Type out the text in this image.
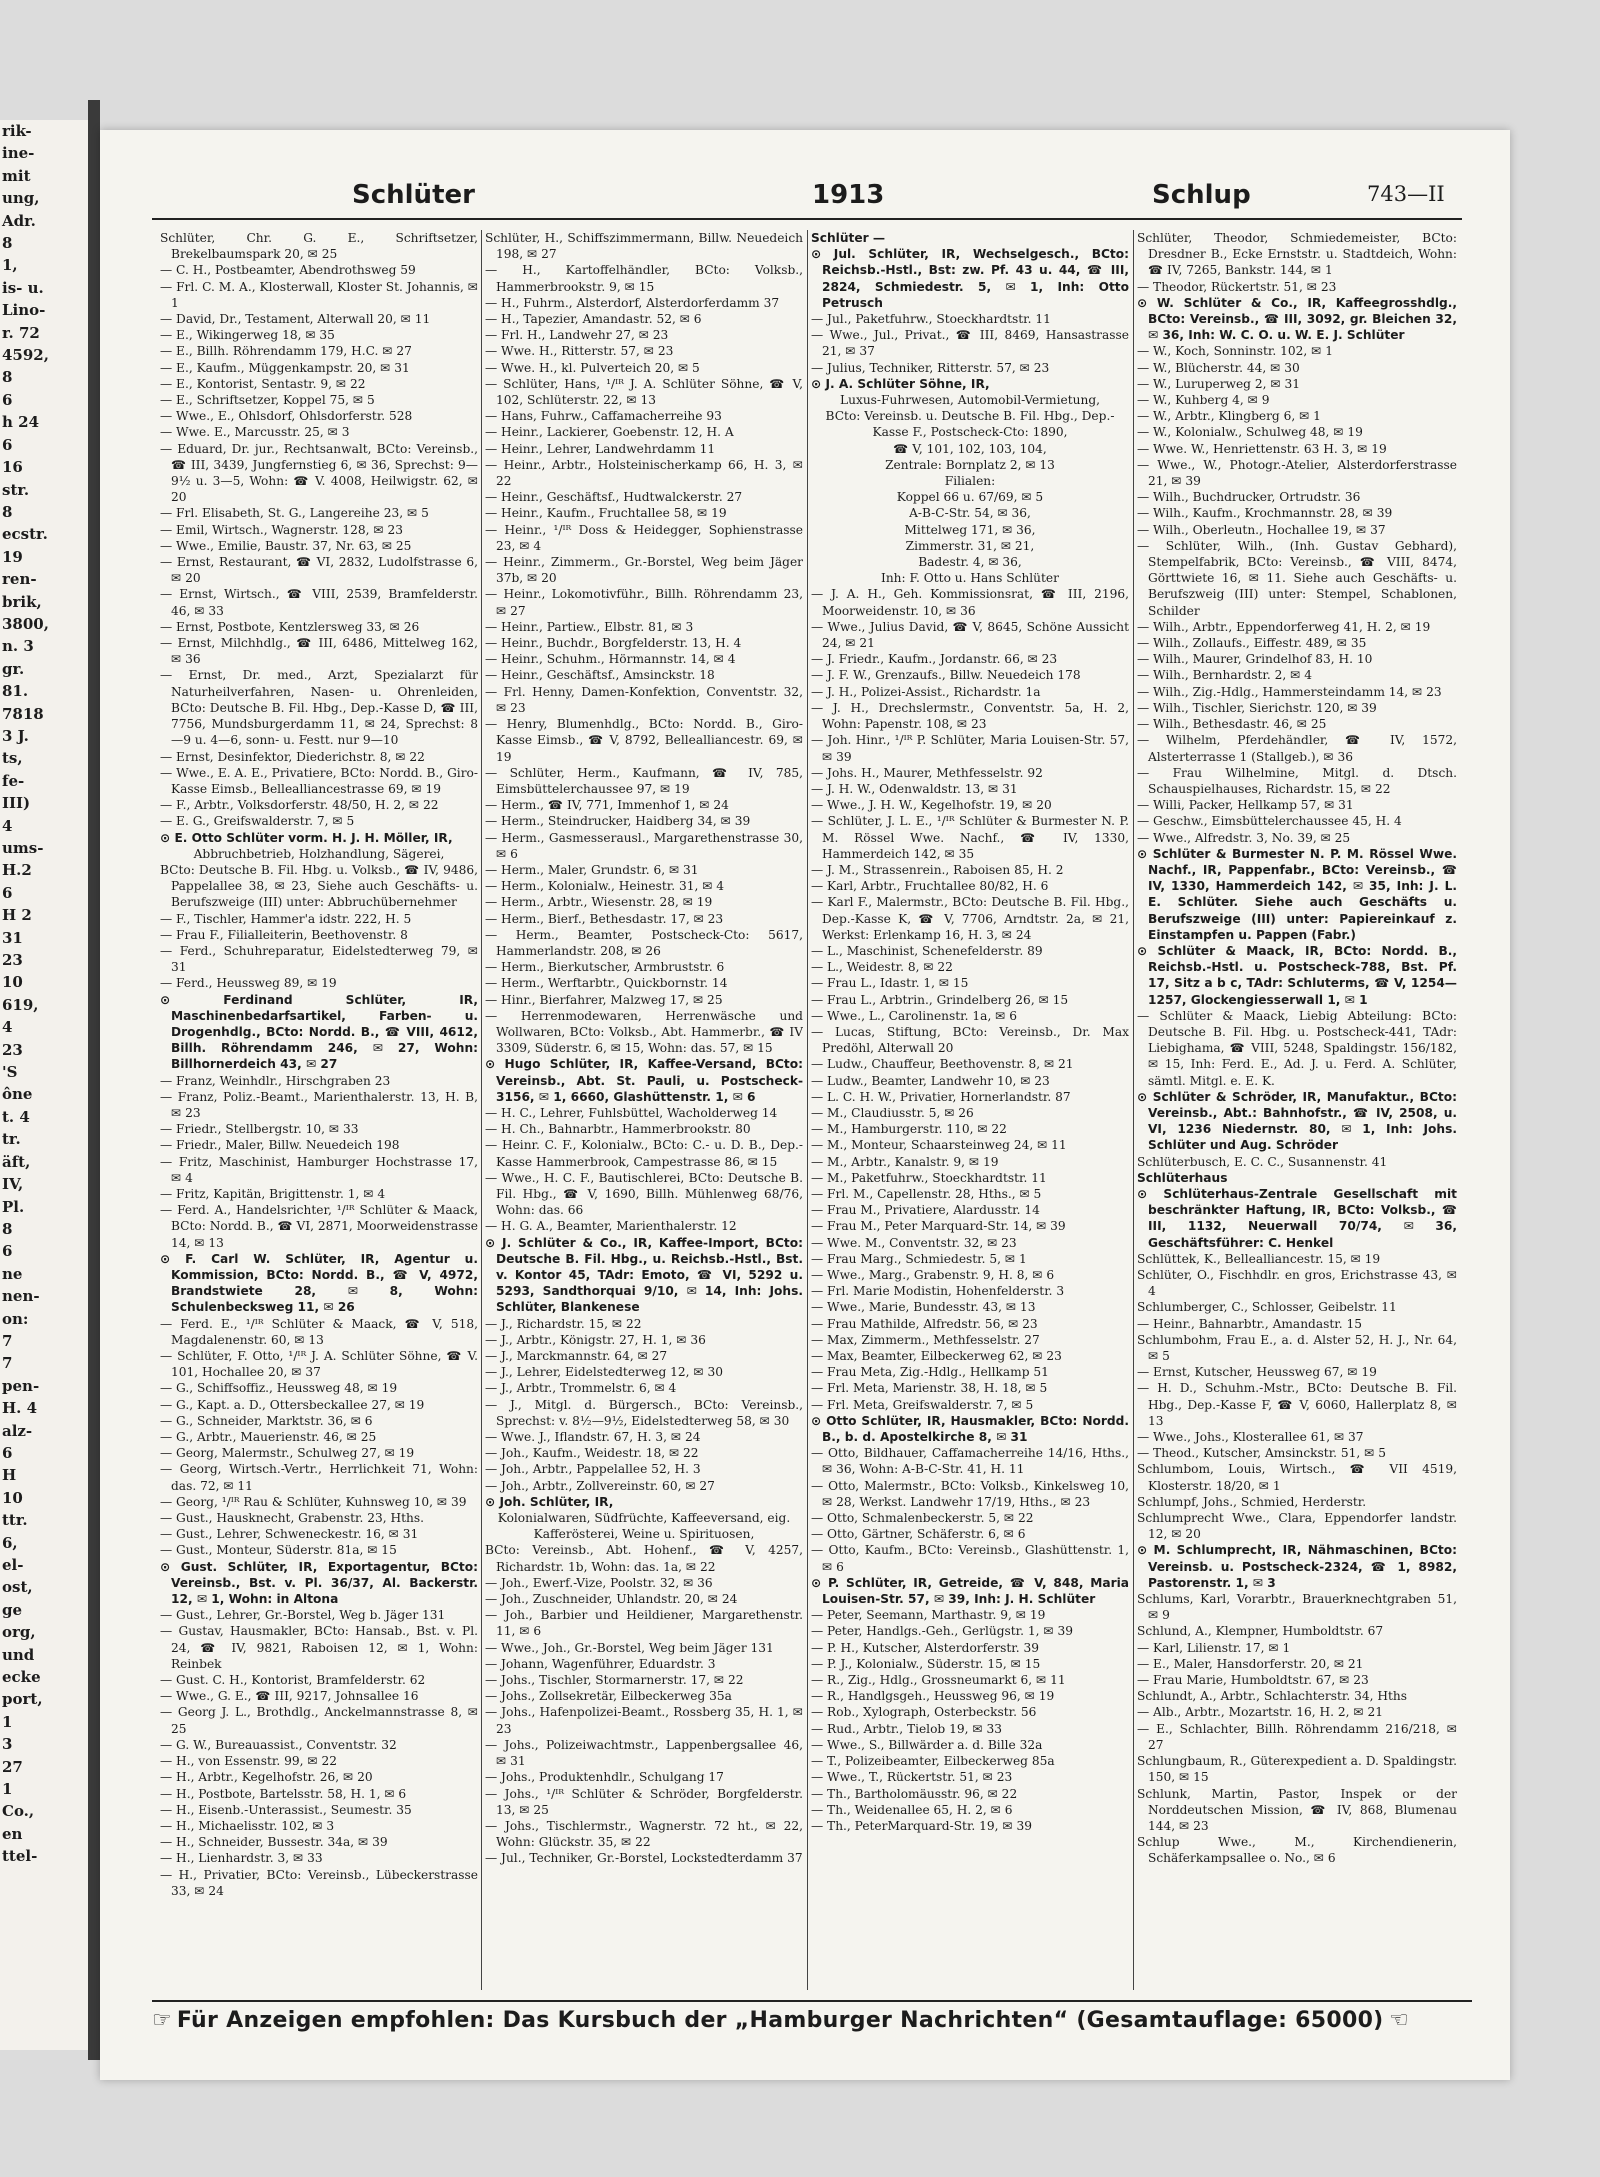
rik-
ine-
mit
ung,
Adr.
8
1,
is- u.
Lino-
r. 72
4592,
8
6
h 24
6
16
str.
8
ecstr.
19
ren-
brik,
3800,
n. 3
gr.
81.
7818
3 J.
ts,
fe-
III)
4
ums-
H.2
6
H 2
31
23
10
619,
4
23
'S
ône
t. 4
tr.
äft,
IV,
Pl.
8
6
ne
nen-
on:
7
7
pen-
H. 4
alz-
6
H
10
ttr.
6,
el-
ost,
ge
org,
und
ecke
port,
1
3
27
1
Co.,
en
ttel-
Schlüter	1913	Schlup	743—II

Schlüter, Chr. G. E., Schriftsetzer, Brekelbaumspark 20, ✉ 25

— C. H., Postbeamter, Abendrothsweg 59

— Frl. C. M. A., Klosterwall, Kloster St. Johannis, ✉ 1

— David, Dr., Testament, Alterwall 20, ✉ 11

— E., Wikingerweg 18, ✉ 35

— E., Billh. Röhrendamm 179, H.C. ✉ 27

— E., Kaufm., Müggenkampstr. 20, ✉ 31

— E., Kontorist, Sentastr. 9, ✉ 22

— E., Schriftsetzer, Koppel 75, ✉ 5

— Wwe., E., Ohlsdorf, Ohlsdorferstr. 528

— Wwe. E., Marcusstr. 25, ✉ 3

— Eduard, Dr. jur., Rechtsanwalt, BCto: Vereinsb., ☎ III, 3439, Jungfernstieg 6, ✉ 36, Sprechst: 9—9½ u. 3—5, Wohn: ☎ V. 4008, Heilwigstr. 62, ✉ 20

— Frl. Elisabeth, St. G., Langereihe 23, ✉ 5

— Emil, Wirtsch., Wagnerstr. 128, ✉ 23

— Wwe., Emilie, Baustr. 37, Nr. 63, ✉ 25

— Ernst, Restaurant, ☎ VI, 2832, Ludolfstrasse 6, ✉ 20

— Ernst, Wirtsch., ☎ VIII, 2539, Bramfelderstr. 46, ✉ 33

— Ernst, Postbote, Kentzlersweg 33, ✉ 26

— Ernst, Milchhdlg., ☎ III, 6486, Mittelweg 162, ✉ 36

— Ernst, Dr. med., Arzt, Spezialarzt für Naturheilverfahren, Nasen- u. Ohrenleiden, BCto: Deutsche B. Fil. Hbg., Dep.-Kasse D, ☎ III, 7756, Mundsburgerdamm 11, ✉ 24, Sprechst: 8—9 u. 4—6, sonn- u. Festt. nur 9—10

— Ernst, Desinfektor, Diederichstr. 8, ✉ 22

— Wwe., E. A. E., Privatiere, BCto: Nordd. B., Giro-Kasse Eimsb., Bellealliancestrasse 69, ✉ 19

— F., Arbtr., Volksdorferstr. 48/50, H. 2, ✉ 22

— E. G., Greifswalderstr. 7, ✉ 5

⊙ E. Otto Schlüter vorm. H. J. H. Möller, IR,

Abbruchbetrieb, Holzhandlung, Sägerei,

BCto: Deutsche B. Fil. Hbg. u. Volksb., ☎ IV, 9486, Pappelallee 38, ✉ 23, Siehe auch Geschäfts- u. Berufszweige (III) unter: Abbruchübernehmer

— F., Tischler, Hammer'a idstr. 222, H. 5

— Frau F., Filialleiterin, Beethovenstr. 8

— Ferd., Schuhreparatur, Eidelstedterweg 79, ✉ 31

— Ferd., Heussweg 89, ✉ 19

⊙ Ferdinand Schlüter, IR, Maschinenbedarfsartikel, Farben- u. Drogenhdlg., BCto: Nordd. B., ☎ VIII, 4612, Billh. Röhrendamm 246, ✉ 27, Wohn: Billhornerdeich 43, ✉ 27

— Franz, Weinhdlr., Hirschgraben 23

— Franz, Poliz.-Beamt., Marienthalerstr. 13, H. B, ✉ 23

— Friedr., Stellbergstr. 10, ✉ 33

— Friedr., Maler, Billw. Neuedeich 198

— Fritz, Maschinist, Hamburger Hochstrasse 17, ✉ 4

— Fritz, Kapitän, Brigittenstr. 1, ✉ 4

— Ferd. A., Handelsrichter, ¹/ᴵᴿ Schlüter & Maack, BCto: Nordd. B., ☎ VI, 2871, Moorweidenstrasse 14, ✉ 13

⊙ F. Carl W. Schlüter, IR, Agentur u. Kommission, BCto: Nordd. B., ☎ V, 4972, Brandstwiete 28, ✉ 8, Wohn: Schulenbecksweg 11, ✉ 26

— Ferd. E., ¹/ᴵᴿ Schlüter & Maack, ☎ V, 518, Magdalenenstr. 60, ✉ 13

— Schlüter, F. Otto, ¹/ᴵᴿ J. A. Schlüter Söhne, ☎ V. 101, Hochallee 20, ✉ 37

— G., Schiffsoffiz., Heussweg 48, ✉ 19

— G., Kapt. a. D., Ottersbeckallee 27, ✉ 19

— G., Schneider, Marktstr. 36, ✉ 6

— G., Arbtr., Mauerienstr. 46, ✉ 25

— Georg, Malermstr., Schulweg 27, ✉ 19

— Georg, Wirtsch.-Vertr., Herrlichkeit 71, Wohn: das. 72, ✉ 11

— Georg, ¹/ᴵᴿ Rau & Schlüter, Kuhnsweg 10, ✉ 39

— Gust., Hausknecht, Grabenstr. 23, Hths.

— Gust., Lehrer, Schweneckestr. 16, ✉ 31

— Gust., Monteur, Süderstr. 81a, ✉ 15

⊙ Gust. Schlüter, IR, Exportagentur, BCto: Vereinsb., Bst. v. Pl. 36/37, Al. Backerstr. 12, ✉ 1, Wohn: in Altona

— Gust., Lehrer, Gr.-Borstel, Weg b. Jäger 131

— Gustav, Hausmakler, BCto: Hansab., Bst. v. Pl. 24, ☎ IV, 9821, Raboisen 12, ✉ 1, Wohn: Reinbek

— Gust. C. H., Kontorist, Bramfelderstr. 62

— Wwe., G. E., ☎ III, 9217, Johnsallee 16

— Georg J. L., Brothdlg., Anckelmannstrasse 8, ✉ 25

— G. W., Bureauassist., Conventstr. 32

— H., von Essenstr. 99, ✉ 22

— H., Arbtr., Kegelhofstr. 26, ✉ 20

— H., Postbote, Bartelsstr. 58, H. 1, ✉ 6

— H., Eisenb.-Unterassist., Seumestr. 35

— H., Michaelisstr. 102, ✉ 3

— H., Schneider, Bussestr. 34a, ✉ 39

— H., Lienhardstr. 3, ✉ 33

— H., Privatier, BCto: Vereinsb., Lübeckerstrasse 33, ✉ 24

Schlüter, H., Schiffszimmermann, Billw. Neuedeich 198, ✉ 27

— H., Kartoffelhändler, BCto: Volksb., Hammerbrookstr. 9, ✉ 15

— H., Fuhrm., Alsterdorf, Alsterdorferdamm 37

— H., Tapezier, Amandastr. 52, ✉ 6

— Frl. H., Landwehr 27, ✉ 23

— Wwe. H., Ritterstr. 57, ✉ 23

— Wwe. H., kl. Pulverteich 20, ✉ 5

— Schlüter, Hans, ¹/ᴵᴿ J. A. Schlüter Söhne, ☎ V, 102, Schlüterstr. 22, ✉ 13

— Hans, Fuhrw., Caffamacherreihe 93

— Heinr., Lackierer, Goebenstr. 12, H. A

— Heinr., Lehrer, Landwehrdamm 11

— Heinr., Arbtr., Holsteinischerkamp 66, H. 3, ✉ 22

— Heinr., Geschäftsf., Hudtwalckerstr. 27

— Heinr., Kaufm., Fruchtallee 58, ✉ 19

— Heinr., ¹/ᴵᴿ Doss & Heidegger, Sophienstrasse 23, ✉ 4

— Heinr., Zimmerm., Gr.-Borstel, Weg beim Jäger 37b, ✉ 20

— Heinr., Lokomotivführ., Billh. Röhrendamm 23, ✉ 27

— Heinr., Partiew., Elbstr. 81, ✉ 3

— Heinr., Buchdr., Borgfelderstr. 13, H. 4

— Heinr., Schuhm., Hörmannstr. 14, ✉ 4

— Heinr., Geschäftsf., Amsinckstr. 18

— Frl. Henny, Damen-Konfektion, Conventstr. 32, ✉ 23

— Henry, Blumenhdlg., BCto: Nordd. B., Giro-Kasse Eimsb., ☎ V, 8792, Bellealliancestr. 69, ✉ 19

— Schlüter, Herm., Kaufmann, ☎ IV, 785, Eimsbüttelerchaussee 97, ✉ 19

— Herm., ☎ IV, 771, Immenhof 1, ✉ 24

— Herm., Steindrucker, Haidberg 34, ✉ 39

— Herm., Gasmesserausl., Margarethenstrasse 30, ✉ 6

— Herm., Maler, Grundstr. 6, ✉ 31

— Herm., Kolonialw., Heinestr. 31, ✉ 4

— Herm., Arbtr., Wiesenstr. 28, ✉ 19

— Herm., Bierf., Bethesdastr. 17, ✉ 23

— Herm., Beamter, Postscheck-Cto: 5617, Hammerlandstr. 208, ✉ 26

— Herm., Bierkutscher, Armbruststr. 6

— Herm., Werftarbtr., Quickbornstr. 14

— Hinr., Bierfahrer, Malzweg 17, ✉ 25

— Herrenmodewaren, Herrenwäsche und Wollwaren, BCto: Volksb., Abt. Hammerbr., ☎ IV 3309, Süderstr. 6, ✉ 15, Wohn: das. 57, ✉ 15

⊙ Hugo Schlüter, IR, Kaffee-Versand, BCto: Vereinsb., Abt. St. Pauli, u. Postscheck- 3156, ✉ 1, 6660, Glashüttenstr. 1, ✉ 6

— H. C., Lehrer, Fuhlsbüttel, Wacholderweg 14

— H. Ch., Bahnarbtr., Hammerbrookstr. 80

— Heinr. C. F., Kolonialw., BCto: C.- u. D. B., Dep.-Kasse Hammerbrook, Campestrasse 86, ✉ 15

— Wwe., H. C. F., Bautischlerei, BCto: Deutsche B. Fil. Hbg., ☎ V, 1690, Billh. Mühlenweg 68/76, Wohn: das. 66

— H. G. A., Beamter, Marienthalerstr. 12

⊙ J. Schlüter & Co., IR, Kaffee-Import, BCto: Deutsche B. Fil. Hbg., u. Reichsb.-Hstl., Bst. v. Kontor 45, TAdr: Emoto, ☎ VI, 5292 u. 5293, Sandthorquai 9/10, ✉ 14, Inh: Johs. Schlüter, Blankenese

— J., Richardstr. 15, ✉ 22

— J., Arbtr., Königstr. 27, H. 1, ✉ 36

— J., Marckmannstr. 64, ✉ 27

— J., Lehrer, Eidelstedterweg 12, ✉ 30

— J., Arbtr., Trommelstr. 6, ✉ 4

— J., Mitgl. d. Bürgersch., BCto: Vereinsb., Sprechst: v. 8½—9½, Eidelstedterweg 58, ✉ 30

— Wwe. J., Iflandstr. 67, H. 3, ✉ 24

— Joh., Kaufm., Weidestr. 18, ✉ 22

— Joh., Arbtr., Pappelallee 52, H. 3

— Joh., Arbtr., Zollvereinstr. 60, ✉ 27

⊙ Joh. Schlüter, IR,

Kolonialwaren, Südfrüchte, Kaffeeversand, eig. Kafferösterei, Weine u. Spirituosen,

BCto: Vereinsb., Abt. Hohenf., ☎ V, 4257, Richardstr. 1b, Wohn: das. 1a, ✉ 22

— Joh., Ewerf.-Vize, Poolstr. 32, ✉ 36

— Joh., Zuschneider, Uhlandstr. 20, ✉ 24

— Joh., Barbier und Heildiener, Margarethenstr. 11, ✉ 6

— Wwe., Joh., Gr.-Borstel, Weg beim Jäger 131

— Johann, Wagenführer, Eduardstr. 3

— Johs., Tischler, Stormarnerstr. 17, ✉ 22

— Johs., Zollsekretär, Eilbeckerweg 35a

— Johs., Hafenpolizei-Beamt., Rossberg 35, H. 1, ✉ 23

— Johs., Polizeiwachtmstr., Lappenbergsallee 46, ✉ 31

— Johs., Produktenhdlr., Schulgang 17

— Johs., ¹/ᴵᴿ Schlüter & Schröder, Borgfelderstr. 13, ✉ 25

— Johs., Tischlermstr., Wagnerstr. 72 ht., ✉ 22, Wohn: Glückstr. 35, ✉ 22

— Jul., Techniker, Gr.-Borstel, Lockstedterdamm 37

Schlüter —

⊙ Jul. Schlüter, IR, Wechselgesch., BCto: Reichsb.-Hstl., Bst: zw. Pf. 43 u. 44, ☎ III, 2824, Schmiedestr. 5, ✉ 1, Inh: Otto Petrusch

— Jul., Paketfuhrw., Stoeckhardtstr. 11

— Wwe., Jul., Privat., ☎ III, 8469, Hansastrasse 21, ✉ 37

— Julius, Techniker, Ritterstr. 57, ✉ 23

⊙ J. A. Schlüter Söhne, IR,

Luxus-Fuhrwesen, Automobil-Vermietung,

BCto: Vereinsb. u. Deutsche B. Fil. Hbg., Dep.-Kasse F., Postscheck-Cto: 1890,

☎ V, 101, 102, 103, 104,

Zentrale: Bornplatz 2, ✉ 13

Filialen:

Koppel 66 u. 67/69, ✉ 5

A-B-C-Str. 54, ✉ 36,

Mittelweg 171, ✉ 36,

Zimmerstr. 31, ✉ 21,

Badestr. 4, ✉ 36,

Inh: F. Otto u. Hans Schlüter

— J. A. H., Geh. Kommissionsrat, ☎ III, 2196, Moorweidenstr. 10, ✉ 36

— Wwe., Julius David, ☎ V, 8645, Schöne Aussicht 24, ✉ 21

— J. Friedr., Kaufm., Jordanstr. 66, ✉ 23

— J. F. W., Grenzaufs., Billw. Neuedeich 178

— J. H., Polizei-Assist., Richardstr. 1a

— J. H., Drechslermstr., Conventstr. 5a, H. 2, Wohn: Papenstr. 108, ✉ 23

— Joh. Hinr., ¹/ᴵᴿ P. Schlüter, Maria Louisen-Str. 57, ✉ 39

— Johs. H., Maurer, Methfesselstr. 92

— J. H. W., Odenwaldstr. 13, ✉ 31

— Wwe., J. H. W., Kegelhofstr. 19, ✉ 20

— Schlüter, J. L. E., ¹/ᴵᴿ Schlüter & Burmester N. P. M. Rössel Wwe. Nachf., ☎ IV, 1330, Hammerdeich 142, ✉ 35

— J. M., Strassenrein., Raboisen 85, H. 2

— Karl, Arbtr., Fruchtallee 80/82, H. 6

— Karl F., Malermstr., BCto: Deutsche B. Fil. Hbg., Dep.-Kasse K, ☎ V, 7706, Arndtstr. 2a, ✉ 21, Werkst: Erlenkamp 16, H. 3, ✉ 24

— L., Maschinist, Schenefelderstr. 89

— L., Weidestr. 8, ✉ 22

— Frau L., Idastr. 1, ✉ 15

— Frau L., Arbtrin., Grindelberg 26, ✉ 15

— Wwe., L., Carolinenstr. 1a, ✉ 6

— Lucas, Stiftung, BCto: Vereinsb., Dr. Max Predöhl, Alterwall 20

— Ludw., Chauffeur, Beethovenstr. 8, ✉ 21

— Ludw., Beamter, Landwehr 10, ✉ 23

— L. C. H. W., Privatier, Hornerlandstr. 87

— M., Claudiusstr. 5, ✉ 26

— M., Hamburgerstr. 110, ✉ 22

— M., Monteur, Schaarsteinweg 24, ✉ 11

— M., Arbtr., Kanalstr. 9, ✉ 19

— M., Paketfuhrw., Stoeckhardtstr. 11

— Frl. M., Capellenstr. 28, Hths., ✉ 5

— Frau M., Privatiere, Alardusstr. 14

— Frau M., Peter Marquard-Str. 14, ✉ 39

— Wwe. M., Conventstr. 32, ✉ 23

— Frau Marg., Schmiedestr. 5, ✉ 1

— Wwe., Marg., Grabenstr. 9, H. 8, ✉ 6

— Frl. Marie Modistin, Hohenfelderstr. 3

— Wwe., Marie, Bundesstr. 43, ✉ 13

— Frau Mathilde, Alfredstr. 56, ✉ 23

— Max, Zimmerm., Methfesselstr. 27

— Max, Beamter, Eilbeckerweg 62, ✉ 23

— Frau Meta, Zig.-Hdlg., Hellkamp 51

— Frl. Meta, Marienstr. 38, H. 18, ✉ 5

— Frl. Meta, Greifswalderstr. 7, ✉ 5

⊙ Otto Schlüter, IR, Hausmakler, BCto: Nordd. B., b. d. Apostelkirche 8, ✉ 31

— Otto, Bildhauer, Caffamacherreihe 14/16, Hths., ✉ 36, Wohn: A-B-C-Str. 41, H. 11

— Otto, Malermstr., BCto: Volksb., Kinkelsweg 10, ✉ 28, Werkst. Landwehr 17/19, Hths., ✉ 23

— Otto, Schmalenbeckerstr. 5, ✉ 22

— Otto, Gärtner, Schäferstr. 6, ✉ 6

— Otto, Kaufm., BCto: Vereinsb., Glashüttenstr. 1, ✉ 6

⊙ P. Schlüter, IR, Getreide, ☎ V, 848, Maria Louisen-Str. 57, ✉ 39, Inh: J. H. Schlüter

— Peter, Seemann, Marthastr. 9, ✉ 19

— Peter, Handlgs.-Geh., Gerlügstr. 1, ✉ 39

— P. H., Kutscher, Alsterdorferstr. 39

— P. J., Kolonialw., Süderstr. 15, ✉ 15

— R., Zig., Hdlg., Grossneumarkt 6, ✉ 11

— R., Handlgsgeh., Heussweg 96, ✉ 19

— Rob., Xylograph, Osterbeckstr. 56

— Rud., Arbtr., Tielob 19, ✉ 33

— Wwe., S., Billwärder a. d. Bille 32a

— T., Polizeibeamter, Eilbeckerweg 85a

— Wwe., T., Rückertstr. 51, ✉ 23

— Th., Bartholomäusstr. 96, ✉ 22

— Th., Weidenallee 65, H. 2, ✉ 6

— Th., PeterMarquard-Str. 19, ✉ 39

Schlüter, Theodor, Schmiedemeister, BCto: Dresdner B., Ecke Ernststr. u. Stadtdeich, Wohn: ☎ IV, 7265, Bankstr. 144, ✉ 1

— Theodor, Rückertstr. 51, ✉ 23

⊙ W. Schlüter & Co., IR, Kaffeegrosshdlg., BCto: Vereinsb., ☎ III, 3092, gr. Bleichen 32, ✉ 36, Inh: W. C. O. u. W. E. J. Schlüter

— W., Koch, Sonninstr. 102, ✉ 1

— W., Blücherstr. 44, ✉ 30

— W., Luruperweg 2, ✉ 31

— W., Kuhberg 4, ✉ 9

— W., Arbtr., Klingberg 6, ✉ 1

— W., Kolonialw., Schulweg 48, ✉ 19

— Wwe. W., Henriettenstr. 63 H. 3, ✉ 19

— Wwe., W., Photogr.-Atelier, Alsterdorferstrasse 21, ✉ 39

— Wilh., Buchdrucker, Ortrudstr. 36

— Wilh., Kaufm., Krochmannstr. 28, ✉ 39

— Wilh., Oberleutn., Hochallee 19, ✉ 37

— Schlüter, Wilh., (Inh. Gustav Gebhard), Stempelfabrik, BCto: Vereinsb., ☎ VIII, 8474, Görttwiete 16, ✉ 11. Siehe auch Geschäfts- u. Berufszweig (III) unter: Stempel, Schablonen, Schilder

— Wilh., Arbtr., Eppendorferweg 41, H. 2, ✉ 19

— Wilh., Zollaufs., Eiffestr. 489, ✉ 35

— Wilh., Maurer, Grindelhof 83, H. 10

— Wilh., Bernhardstr. 2, ✉ 4

— Wilh., Zig.-Hdlg., Hammersteindamm 14, ✉ 23

— Wilh., Tischler, Sierichstr. 120, ✉ 39

— Wilh., Bethesdastr. 46, ✉ 25

— Wilhelm, Pferdehändler, ☎ IV, 1572, Alsterterrasse 1 (Stallgeb.), ✉ 36

— Frau Wilhelmine, Mitgl. d. Dtsch. Schauspielhauses, Richardstr. 15, ✉ 22

— Willi, Packer, Hellkamp 57, ✉ 31

— Geschw., Eimsbüttelerchaussee 45, H. 4

— Wwe., Alfredstr. 3, No. 39, ✉ 25

⊙ Schlüter & Burmester N. P. M. Rössel Wwe. Nachf., IR, Pappenfabr., BCto: Vereinsb., ☎ IV, 1330, Hammerdeich 142, ✉ 35, Inh: J. L. E. Schlüter. Siehe auch Geschäfts u. Berufszweige (III) unter: Papiereinkauf z. Einstampfen u. Pappen (Fabr.)

⊙ Schlüter & Maack, IR, BCto: Nordd. B., Reichsb.-Hstl. u. Postscheck-788, Bst. Pf. 17, Sitz a b c, TAdr: Schluterms, ☎ V, 1254—1257, Glockengiesserwall 1, ✉ 1

— Schlüter & Maack, Liebig Abteilung: BCto: Deutsche B. Fil. Hbg. u. Postscheck-441, TAdr: Liebighama, ☎ VIII, 5248, Spaldingstr. 156/182, ✉ 15, Inh: Ferd. E., Ad. J. u. Ferd. A. Schlüter, sämtl. Mitgl. e. E. K.

⊙ Schlüter & Schröder, IR, Manufaktur., BCto: Vereinsb., Abt.: Bahnhofstr., ☎ IV, 2508, u. VI, 1236 Niedernstr. 80, ✉ 1, Inh: Johs. Schlüter und Aug. Schröder

Schlüterbusch, E. C. C., Susannenstr. 41

Schlüterhaus

⊙ Schlüterhaus-Zentrale Gesellschaft mit beschränkter Haftung, IR, BCto: Volksb., ☎ III, 1132, Neuerwall 70/74, ✉ 36, Geschäftsführer: C. Henkel

Schlüttek, K., Bellealliancestr. 15, ✉ 19

Schlüter, O., Fischhdlr. en gros, Erichstrasse 43, ✉ 4

Schlumberger, C., Schlosser, Geibelstr. 11

— Heinr., Bahnarbtr., Amandastr. 15

Schlumbohm, Frau E., a. d. Alster 52, H. J., Nr. 64, ✉ 5

— Ernst, Kutscher, Heussweg 67, ✉ 19

— H. D., Schuhm.-Mstr., BCto: Deutsche B. Fil. Hbg., Dep.-Kasse F, ☎ V, 6060, Hallerplatz 8, ✉ 13

— Wwe., Johs., Klosterallee 61, ✉ 37

— Theod., Kutscher, Amsinckstr. 51, ✉ 5

Schlumbom, Louis, Wirtsch., ☎ VII 4519, Klosterstr. 18/20, ✉ 1

Schlumpf, Johs., Schmied, Herderstr.

Schlumprecht Wwe., Clara, Eppendorfer landstr. 12, ✉ 20

⊙ M. Schlumprecht, IR, Nähmaschinen, BCto: Vereinsb. u. Postscheck-2324, ☎ 1, 8982, Pastorenstr. 1, ✉ 3

Schlums, Karl, Vorarbtr., Brauerknechtgraben 51, ✉ 9

Schlund, A., Klempner, Humboldtstr. 67

— Karl, Lilienstr. 17, ✉ 1

— E., Maler, Hansdorferstr. 20, ✉ 21

— Frau Marie, Humboldtstr. 67, ✉ 23

Schlundt, A., Arbtr., Schlachterstr. 34, Hths

— Alb., Arbtr., Mozartstr. 16, H. 2, ✉ 21

— E., Schlachter, Billh. Röhrendamm 216/218, ✉ 27

Schlungbaum, R., Güterexpedient a. D. Spaldingstr. 150, ✉ 15

Schlunk, Martin, Pastor, Inspek or der Norddeutschen Mission, ☎ IV, 868, Blumenau 144, ✉ 23

Schlup Wwe., M., Kirchendienerin, Schäferkampsallee o. No., ✉ 6

☞ Für Anzeigen empfohlen: Das Kursbuch der „Hamburger Nachrichten“ (Gesamtauflage: 65000) ☞
